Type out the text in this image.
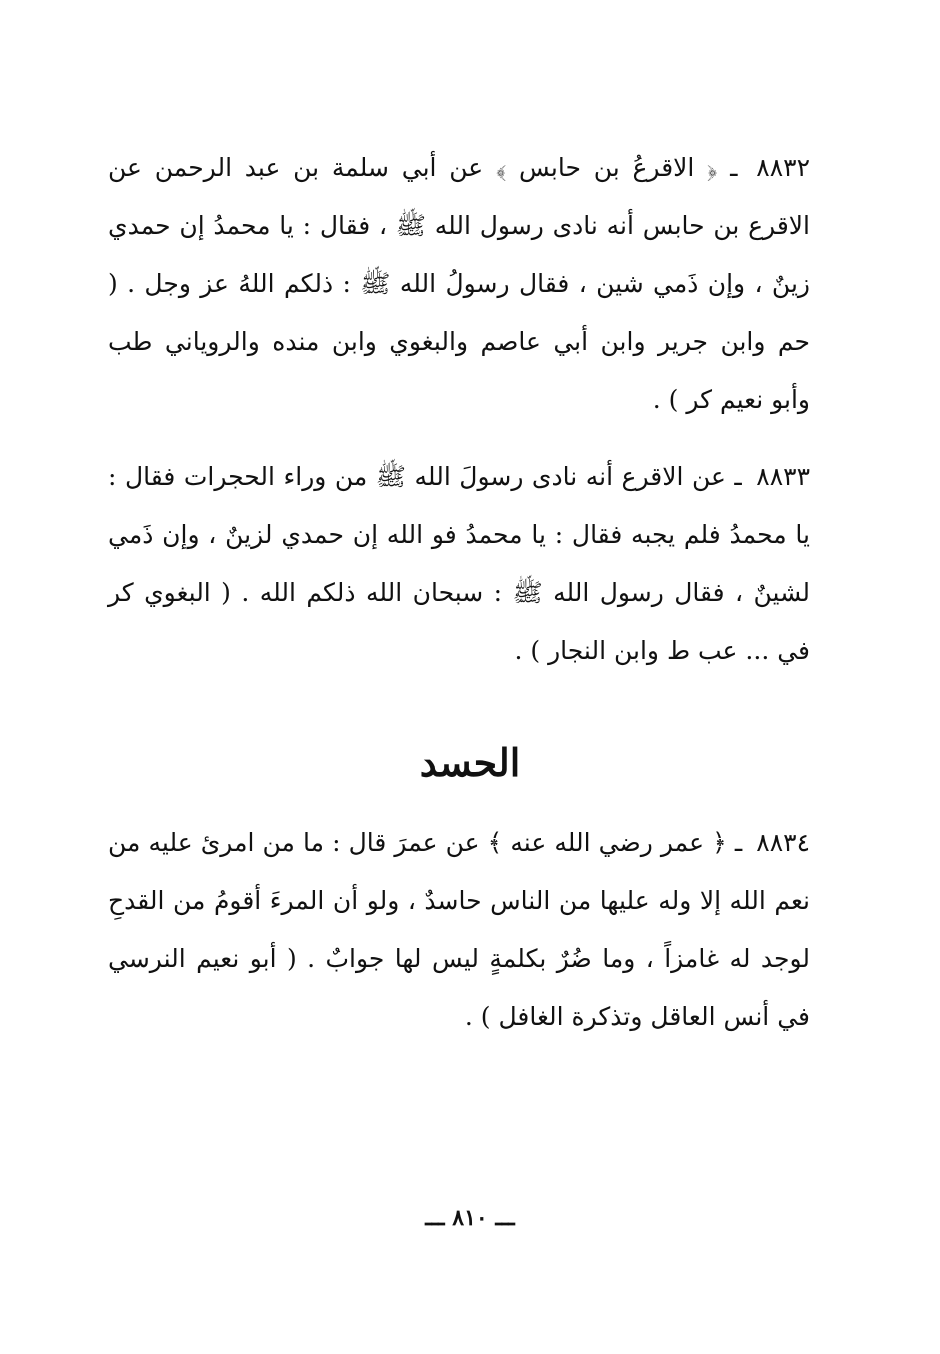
٨٨٣٢ ـ ﴿ الاقرعُ بن حابس ﴾ عن أبي سلمة بن عبد الرحمن عن الاقرع بن حابس أنه نادى رسول الله ﷺ ، فقال : يا محمدُ إن حمدي زينٌ ، وإن ذَمي شين ، فقال رسولُ الله ﷺ : ذلكم اللهُ عز وجل . ( حم وابن جرير وابن أبي عاصم والبغوي وابن منده والروياني طب وأبو نعيم كر ) .

٨٨٣٣ ـ عن الاقرع أنه نادى رسولَ الله ﷺ من وراء الحجرات فقال : يا محمدُ فلم يجبه فقال : يا محمدُ فو الله إن حمدي لزينٌ ، وإن ذَمي لشينٌ ، فقال رسول الله ﷺ : سبحان الله ذلكم الله . ( البغوي كر في ... عب ط وابن النجار ) .

الحسد

٨٨٣٤ ـ ﴿ عمر رضي الله عنه ﴾ عن عمرَ قال : ما من امرئ عليه من نعم الله إلا وله عليها من الناس حاسدٌ ، ولو أن المرءَ أقومُ من القدحِ لوجد له غامزاً ، وما ضُرٌ بكلمةٍ ليس لها جوابٌ . ( أبو نعيم النرسي في أنس العاقل وتذكرة الغافل ) .

ـــ ٨١٠ ـــ
